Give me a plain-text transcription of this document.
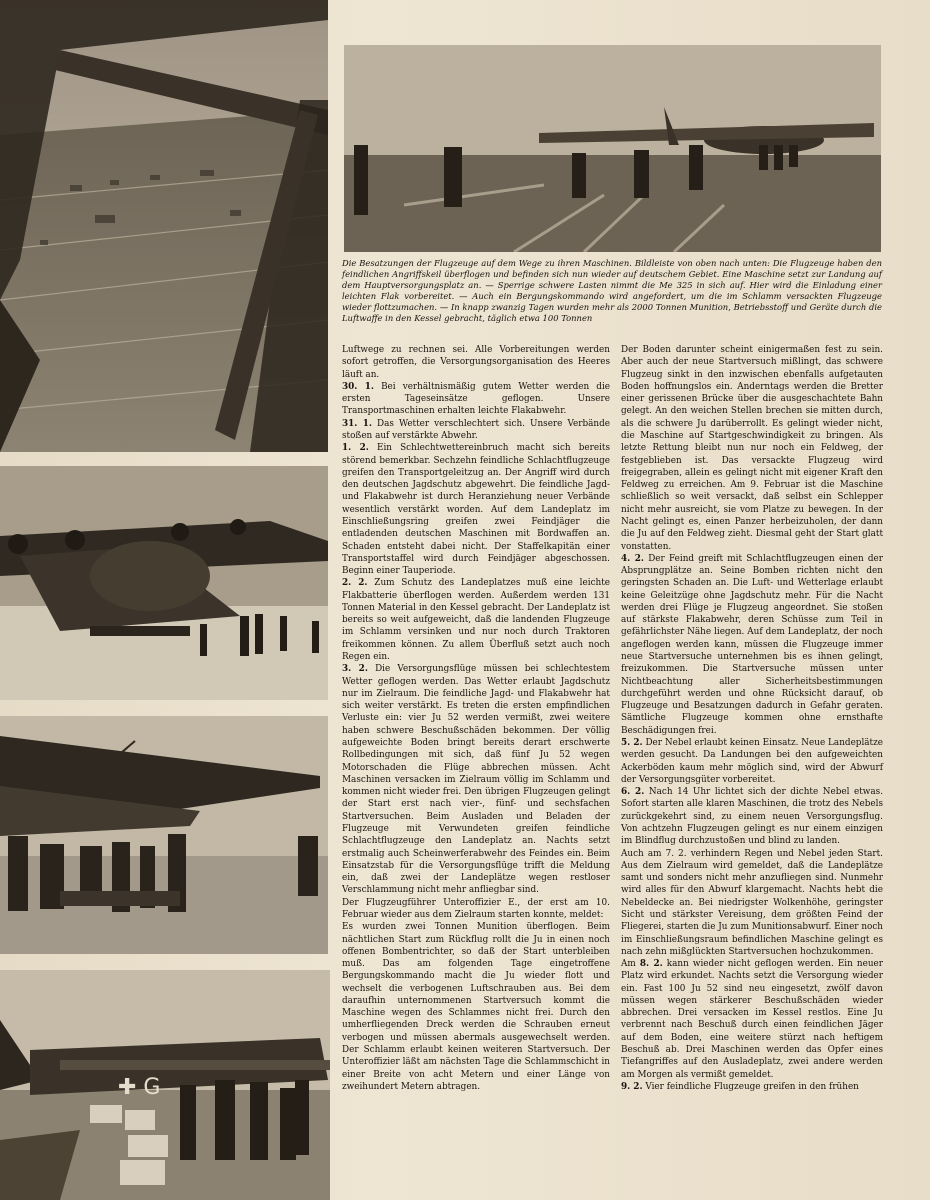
✚ G
Die Besatzungen der Flugzeuge auf dem Wege zu ihren Maschinen. Bildleiste von oben nach unten: Die Flugzeuge haben den feindlichen Angriffskeil überflogen und befinden sich nun wieder auf deutschem Gebiet. Eine Maschine setzt zur Landung auf dem Hauptversorgungsplatz an. — Sperrige schwere Lasten nimmt die Me 325 in sich auf. Hier wird die Einladung einer leichten Flak vorbereitet. — Auch ein Bergungskommando wird angefordert, um die im Schlamm versackten Flugzeuge wieder flottzumachen. — In knapp zwanzig Tagen wurden mehr als 2000 Tonnen Munition, Betriebsstoff und Geräte durch die Luftwaffe in den Kessel gebracht, täglich etwa 100 Tonnen

Luftwege zu rechnen sei. Alle Vorbereitungen werden sofort getroffen, die Versorgungsorganisation des Heeres läuft an.

30. 1. Bei verhältnismäßig gutem Wetter werden die ersten Tageseinsätze geflogen. Unsere Transportmaschinen erhalten leichte Flakabwehr.

31. 1. Das Wetter verschlechtert sich. Unsere Verbände stoßen auf verstärkte Abwehr.

1. 2. Ein Schlechtwettereinbruch macht sich bereits störend bemerkbar. Sechzehn feindliche Schlachtflugzeuge greifen den Transportgeleitzug an. Der Angriff wird durch den deutschen Jagdschutz abgewehrt. Die feindliche Jagd- und Flakabwehr ist durch Heranziehung neuer Verbände wesentlich verstärkt worden. Auf dem Landeplatz im Einschließungsring greifen zwei Feindjäger die entladenden deutschen Maschinen mit Bordwaffen an. Schaden entsteht dabei nicht. Der Staffelkapitän einer Transportstaffel wird durch Feindjäger abgeschossen. Beginn einer Tauperiode.

2. 2. Zum Schutz des Landeplatzes muß eine leichte Flakbatterie überflogen werden. Außerdem werden 131 Tonnen Material in den Kessel gebracht. Der Landeplatz ist bereits so weit aufgeweicht, daß die landenden Flugzeuge im Schlamm versinken und nur noch durch Traktoren freikommen können. Zu allem Überfluß setzt auch noch Regen ein.

3. 2. Die Versorgungsflüge müssen bei schlechtestem Wetter geflogen werden. Das Wetter erlaubt Jagdschutz nur im Zielraum. Die feindliche Jagd- und Flakabwehr hat sich weiter verstärkt. Es treten die ersten empfindlichen Verluste ein: vier Ju 52 werden vermißt, zwei weitere haben schwere Beschußschäden bekommen. Der völlig aufgeweichte Boden bringt bereits derart erschwerte Rollbedingungen mit sich, daß fünf Ju 52 wegen Motorschaden die Flüge abbrechen müssen. Acht Maschinen versacken im Zielraum völlig im Schlamm und kommen nicht wieder frei. Den übrigen Flugzeugen gelingt der Start erst nach vier-, fünf- und sechsfachen Startversuchen. Beim Ausladen und Beladen der Flugzeuge mit Verwundeten greifen feindliche Schlachtflugzeuge den Landeplatz an. Nachts setzt erstmalig auch Scheinwerferabwehr des Feindes ein. Beim Einsatzstab für die Versorgungsflüge trifft die Meldung ein, daß zwei der Landeplätze wegen restloser Verschlammung nicht mehr anfliegbar sind.

Der Flugzeugführer Unteroffizier E., der erst am 10. Februar wieder aus dem Zielraum starten konnte, meldet:

Es wurden zwei Tonnen Munition überflogen. Beim nächtlichen Start zum Rückflug rollt die Ju in einen noch offenen Bombentrichter, so daß der Start unterbleiben muß. Das am folgenden Tage eingetroffene Bergungskommando macht die Ju wieder flott und wechselt die verbogenen Luftschrauben aus. Bei dem daraufhin unternommenen Startversuch kommt die Maschine wegen des Schlammes nicht frei. Durch den umherfliegenden Dreck werden die Schrauben erneut verbogen und müssen abermals ausgewechselt werden. Der Schlamm erlaubt keinen weiteren Startversuch. Der Unteroffizier läßt am nächsten Tage die Schlammschicht in einer Breite von acht Metern und einer Länge von zweihundert Metern abtragen.

Der Boden darunter scheint einigermaßen fest zu sein. Aber auch der neue Startversuch mißlingt, das schwere Flugzeug sinkt in den inzwischen ebenfalls aufgetauten Boden hoffnungslos ein. Anderntags werden die Bretter einer gerissenen Brücke über die ausgeschachtete Bahn gelegt. An den weichen Stellen brechen sie mitten durch, als die schwere Ju darüberrollt. Es gelingt wieder nicht, die Maschine auf Startgeschwindigkeit zu bringen. Als letzte Rettung bleibt nun nur noch ein Feldweg, der festgeblieben ist. Das versackte Flugzeug wird freigegraben, allein es gelingt nicht mit eigener Kraft den Feldweg zu erreichen. Am 9. Februar ist die Maschine schließlich so weit versackt, daß selbst ein Schlepper nicht mehr ausreicht, sie vom Platze zu bewegen. In der Nacht gelingt es, einen Panzer herbeizuholen, der dann die Ju auf den Feldweg zieht. Diesmal geht der Start glatt vonstatten.

4. 2. Der Feind greift mit Schlachtflugzeugen einen der Absprungplätze an. Seine Bomben richten nicht den geringsten Schaden an. Die Luft- und Wetterlage erlaubt keine Geleitzüge ohne Jagdschutz mehr. Für die Nacht werden drei Flüge je Flugzeug angeordnet. Sie stoßen auf stärkste Flakabwehr, deren Schüsse zum Teil in gefährlichster Nähe liegen. Auf dem Landeplatz, der noch angeflogen werden kann, müssen die Flugzeuge immer neue Startversuche unternehmen bis es ihnen gelingt, freizukommen. Die Startversuche müssen unter Nichtbeachtung aller Sicherheitsbestimmungen durchgeführt werden und ohne Rücksicht darauf, ob Flugzeuge und Besatzungen dadurch in Gefahr geraten. Sämtliche Flugzeuge kommen ohne ernsthafte Beschädigungen frei.

5. 2. Der Nebel erlaubt keinen Einsatz. Neue Landeplätze werden gesucht. Da Landungen bei den aufgeweichten Ackerböden kaum mehr möglich sind, wird der Abwurf der Versorgungsgüter vorbereitet.

6. 2. Nach 14 Uhr lichtet sich der dichte Nebel etwas. Sofort starten alle klaren Maschinen, die trotz des Nebels zurückgekehrt sind, zu einem neuen Versorgungsflug. Von achtzehn Flugzeugen gelingt es nur einem einzigen im Blindflug durchzustoßen und blind zu landen.

Auch am 7. 2. verhindern Regen und Nebel jeden Start. Aus dem Zielraum wird gemeldet, daß die Landeplätze samt und sonders nicht mehr anzufliegen sind. Nunmehr wird alles für den Abwurf klargemacht. Nachts hebt die Nebeldecke an. Bei niedrigster Wolkenhöhe, geringster Sicht und stärkster Vereisung, dem größten Feind der Fliegerei, starten die Ju zum Munitionsabwurf. Einer noch im Einschließungsraum befindlichen Maschine gelingt es nach zehn mißglückten Startversuchen hochzukommen.

Am 8. 2. kann wieder nicht geflogen werden. Ein neuer Platz wird erkundet. Nachts setzt die Versorgung wieder ein. Fast 100 Ju 52 sind neu eingesetzt, zwölf davon müssen wegen stärkerer Beschußschäden wieder abbrechen. Drei versacken im Kessel restlos. Eine Ju verbrennt nach Beschuß durch einen feindlichen Jäger auf dem Boden, eine weitere stürzt nach heftigem Beschuß ab. Drei Maschinen werden das Opfer eines Tiefangriffes auf den Ausladeplatz, zwei andere werden am Morgen als vermißt gemeldet.

9. 2. Vier feindliche Flugzeuge greifen in den frühen
